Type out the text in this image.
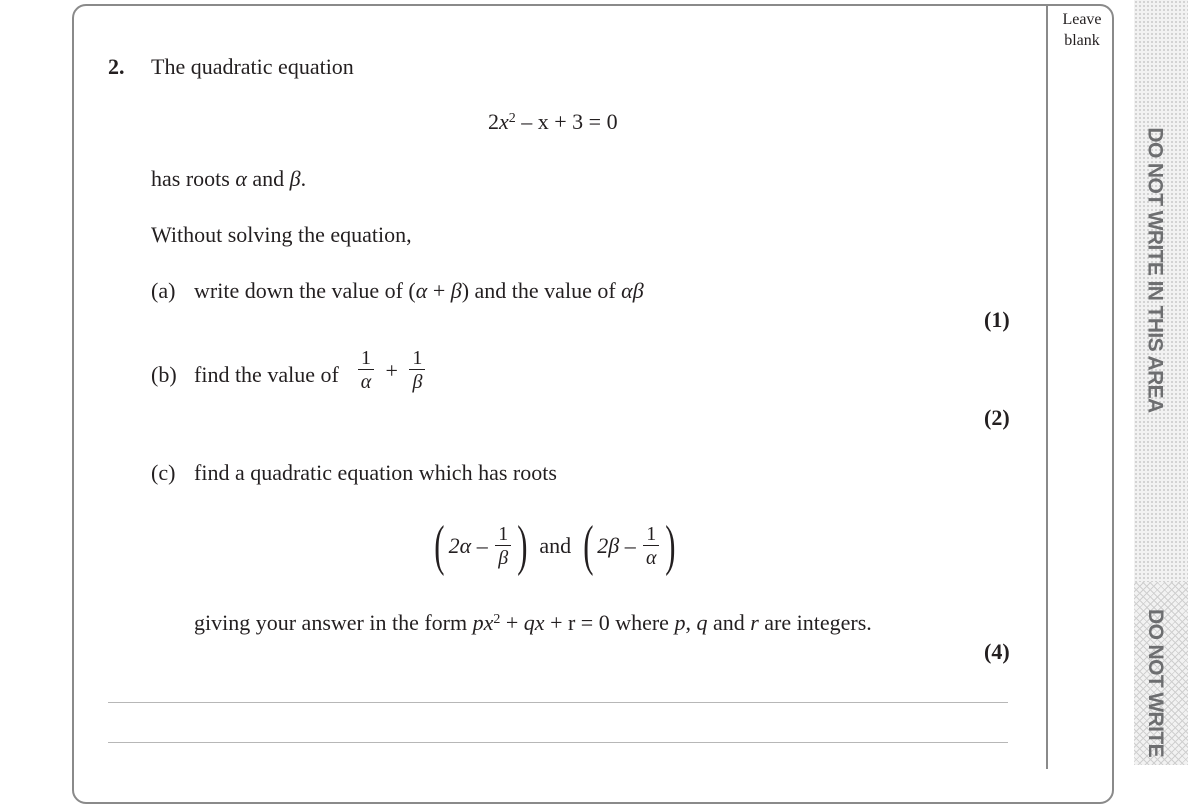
Leave blank
DO NOT WRITE IN THIS AREA
DO NOT WRITE
2. The quadratic equation
$2x^2 - x + 3 = 0$
has roots α and β.
Without solving the equation,
(a) write down the value of (α + β) and the value of αβ
(1)
(b) find the value of $\frac{1}{\alpha} + \frac{1}{\beta}$
(2)
(c) find a quadratic equation which has roots
( $2\alpha - \frac{1}{\beta}$ ) and ( $2\beta - \frac{1}{\alpha}$ )
giving your answer in the form $px^2$ + qx + r = 0 where p, q and r are integers.
(4)
